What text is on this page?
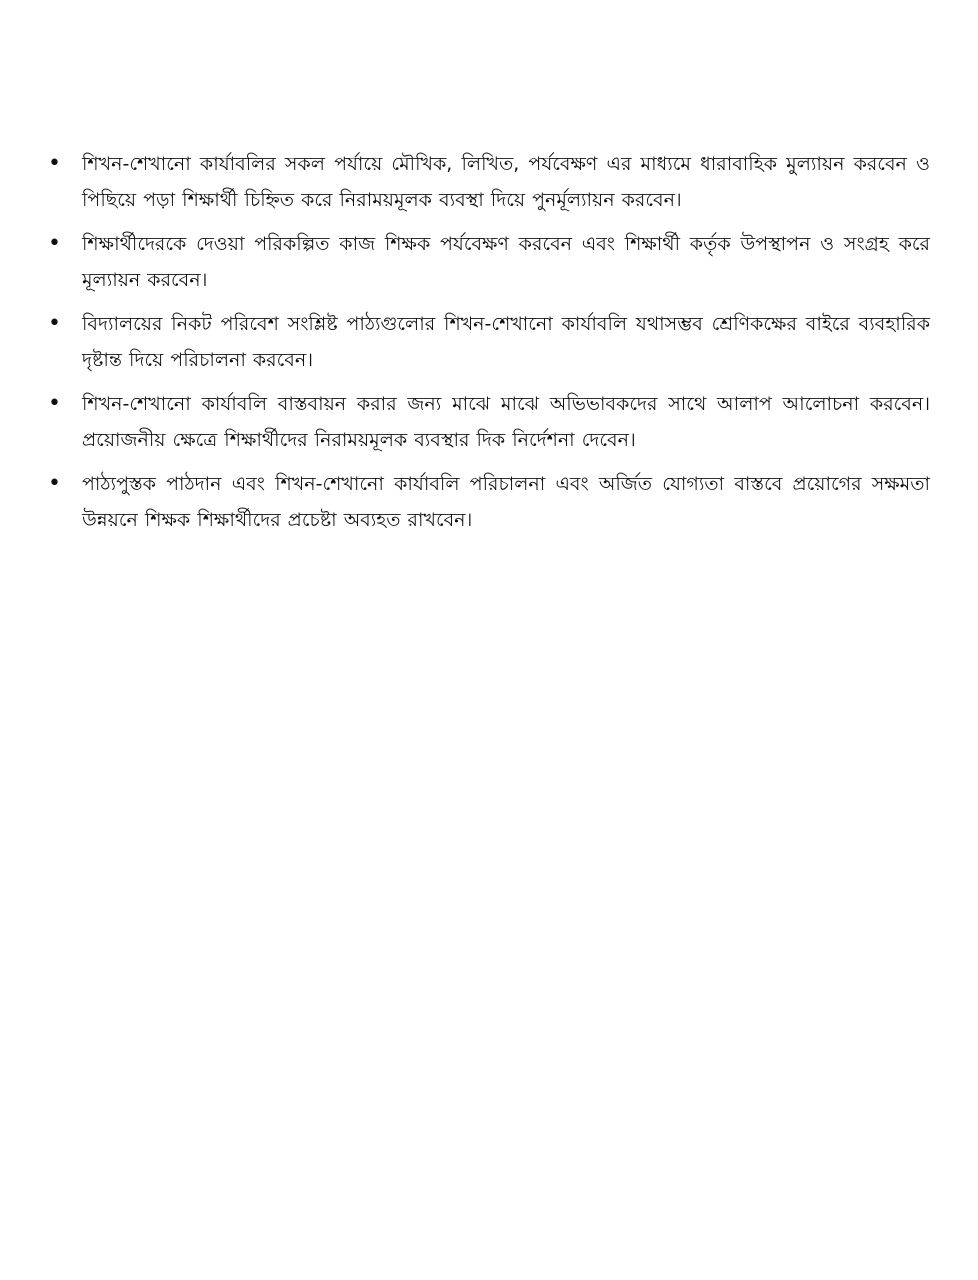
•	শিখন-শেখানো কার্যাবলির সকল পর্যায়ে মৌখিক, লিখিত, পর্যবেক্ষণ এর মাধ্যমে ধারাবাহিক মুল্যায়ন করবেন ও পিছিয়ে পড়া শিক্ষার্থী চিহ্নিত করে নিরাময়মূলক ব্যবস্থা দিয়ে পুনর্মূল্যায়ন করবেন।
•	শিক্ষার্থীদেরকে দেওয়া পরিকল্পিত কাজ শিক্ষক পর্যবেক্ষণ করবেন এবং শিক্ষার্থী কর্তৃক উপস্থাপন ও সংগ্রহ করে মূল্যায়ন করবেন।
•	বিদ্যালয়ের নিকট পরিবেশ সংশ্লিষ্ট পাঠ্যগুলোর শিখন-শেখানো কার্যাবলি যথাসম্ভব শ্রেণিকক্ষের বাইরে ব্যবহারিক দৃষ্টান্ত দিয়ে পরিচালনা করবেন।
•	শিখন-শেখানো কার্যাবলি বাস্তবায়ন করার জন্য মাঝে মাঝে অভিভাবকদের সাথে আলাপ আলোচনা করবেন। প্রয়োজনীয় ক্ষেত্রে শিক্ষার্থীদের নিরাময়মূলক ব্যবস্থার দিক নির্দেশনা দেবেন।
•	পাঠ্যপুস্তক পাঠদান এবং শিখন-শেখানো কার্যাবলি পরিচালনা এবং অর্জিত যোগ্যতা বাস্তবে প্রয়োগের সক্ষমতা উন্নয়নে শিক্ষক শিক্ষার্থীদের প্রচেষ্টা অব্যহত রাখবেন।
